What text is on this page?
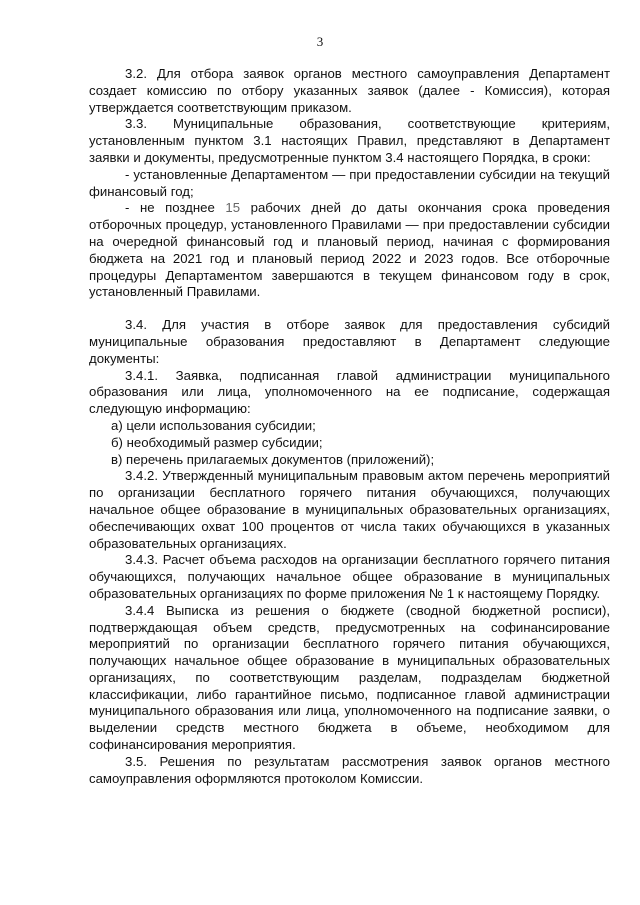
3

3.2. Для отбора заявок органов местного самоуправления Департамент создает комиссию по отбору указанных заявок (далее - Комиссия), которая утверждается соответствующим приказом.

3.3. Муниципальные образования, соответствующие критериям, установленным пунктом 3.1 настоящих Правил, представляют в Департамент заявки и документы, предусмотренные пунктом 3.4 настоящего Порядка, в сроки:

- установленные Департаментом — при предоставлении субсидии на текущий финансовый год;

- не позднее 15 рабочих дней до даты окончания срока проведения отборочных процедур, установленного Правилами — при предоставлении субсидии на очередной финансовый год и плановый период, начиная с формирования бюджета на 2021 год и плановый период 2022 и 2023 годов. Все отборочные процедуры Департаментом завершаются в текущем финансовом году в срок, установленный Правилами.

3.4. Для участия в отборе заявок для предоставления субсидий муниципальные образования предоставляют в Департамент следующие документы:

3.4.1. Заявка, подписанная главой администрации муниципального образования или лица, уполномоченного на ее подписание, содержащая следующую информацию:

а) цели использования субсидии;

б) необходимый размер субсидии;

в) перечень прилагаемых документов (приложений);

3.4.2. Утвержденный муниципальным правовым актом перечень мероприятий по организации бесплатного горячего питания обучающихся, получающих начальное общее образование в муниципальных образовательных организациях, обеспечивающих охват 100 процентов от числа таких обучающихся в указанных образовательных организациях.

3.4.3. Расчет объема расходов на организации бесплатного горячего питания обучающихся, получающих начальное общее образование в муниципальных образовательных организациях по форме приложения № 1 к настоящему Порядку.

3.4.4 Выписка из решения о бюджете (сводной бюджетной росписи), подтверждающая объем средств, предусмотренных на софинансирование мероприятий по организации бесплатного горячего питания обучающихся, получающих начальное общее образование в муниципальных образовательных организациях, по соответствующим разделам, подразделам бюджетной классификации, либо гарантийное письмо, подписанное главой администрации муниципального образования или лица, уполномоченного на подписание заявки, о выделении средств местного бюджета в объеме, необходимом для софинансирования мероприятия.

3.5. Решения по результатам рассмотрения заявок органов местного самоуправления оформляются протоколом Комиссии.
